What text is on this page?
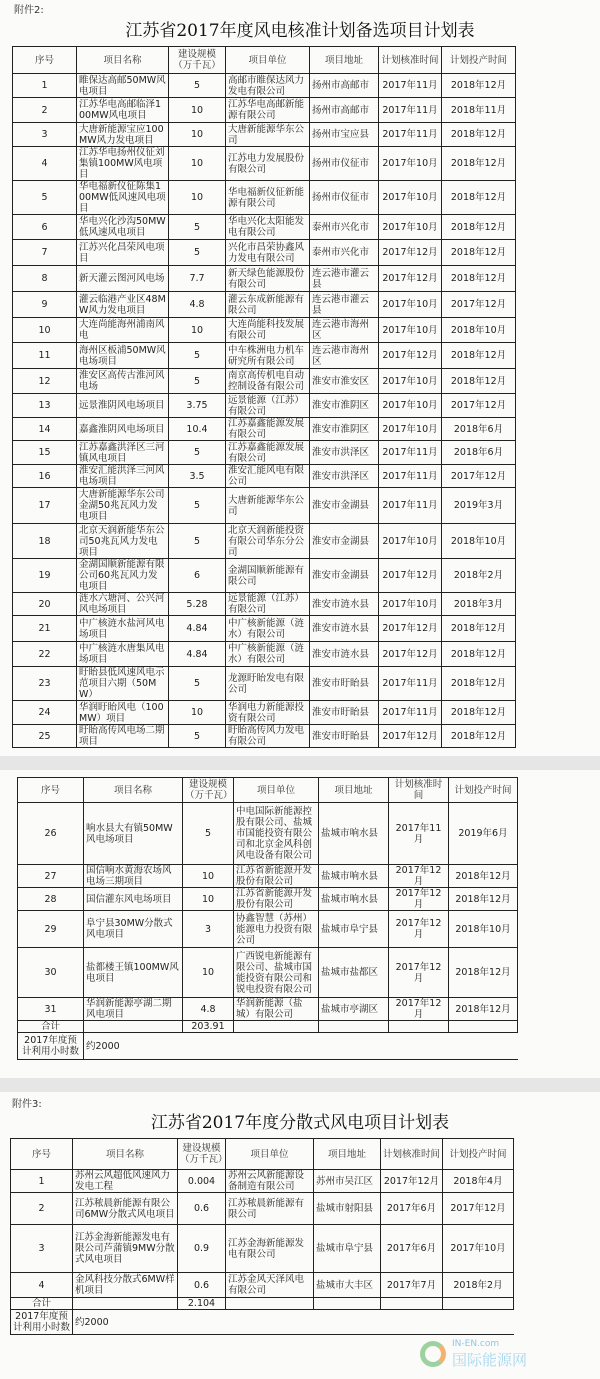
附件2:
江苏省2017年度风电核准计划备选项目计划表
序号	项目名称	建设规模（万千瓦）	项目单位	项目地址	计划核准时间	计划投产时间
1	睢保达高邮50MW风电项目	5	高邮市睢保达风力发电有限公司	扬州市高邮市	2017年11月	2018年12月
2	江苏华电高邮临泽100MW风电项目	10	江苏华电高邮新能源有限公司	扬州市高邮市	2017年11月	2018年11月
3	大唐新能源宝应100MW风力发电项目	10	大唐新能源华东公司	扬州市宝应县	2017年11月	2018年12月
4	江苏华电扬州仪征刘集镇100MW风电项目	10	江苏电力发展股份有限公司	扬州市仪征市	2017年10月	2018年12月
5	华电福新仪征陈集100MW低风速风电项目	10	华电福新仪征新能源有限公司	扬州市仪征市	2017年10月	2018年12月
6	华电兴化沙沟50MW低风速风电项目	5	华电兴化太阳能发电有限公司	泰州市兴化市	2017年10月	2018年12月
7	江苏兴化昌荣风电项目	5	兴化市昌荣协鑫风力发电有限公司	泰州市兴化市	2017年12月	2018年12月
8	新天灌云图河风电场	7.7	新天绿色能源股份有限公司	连云港市灌云县	2017年12月	2018年12月
9	灌云临港产业区48MW风力发电项目	4.8	灌云东成新能源有限公司	连云港市灌云县	2017年10月	2017年12月
10	大连尚能海州浦南风电	10	大连尚能科技发展有限公司	连云港市海州区	2017年10月	2018年10月
11	海州区板浦50MW风电场项目	5	中车株洲电力机车研究所有限公司	连云港市海州区	2017年12月	2018年12月
12	淮安区高传古淮河风电场	5	南京高传机电自动控制设备有限公司	淮安市淮安区	2017年10月	2018年12月
13	远景淮阴风电场项目	3.75	远景能源（江苏）有限公司	淮安市淮阴区	2017年10月	2017年12月
14	嘉鑫淮阴风电场项目	10.4	江苏嘉鑫能源发展有限公司	淮安市淮阴区	2017年10月	2018年6月
15	江苏嘉鑫洪泽区三河镇风电项目	5	江苏嘉鑫能源发展有限公司	淮安市洪泽区	2017年11月	2018年6月
16	淮安汇能洪泽三河风电场项目	3.5	淮安汇能风电有限公司	淮安市洪泽区	2017年11月	2017年12月
17	大唐新能源华东公司金湖50兆瓦风力发电项目	5	大唐新能源华东公司	淮安市金湖县	2017年11月	2019年3月
18	北京天润新能华东公司50兆瓦风力发电项目	5	北京天润新能投资有限公司华东分公司	淮安市金湖县	2017年10月	2018年10月
19	金湖国顺新能源有限公司60兆瓦风力发电项目	6	金湖国顺新能源有限公司	淮安市金湖县	2017年12月	2018年2月
20	涟水六塘河、公兴河风电场项目	5.28	远景能源（江苏）有限公司	淮安市涟水县	2017年10月	2018年3月
21	中广核涟水盐河风电场项目	4.84	中广核新能源（涟水）有限公司	淮安市涟水县	2017年12月	2018年12月
22	中广核涟水唐集风电场项目	4.84	中广核新能源（涟水）有限公司	淮安市涟水县	2017年12月	2018年12月
23	盱眙县低风速风电示范项目六期（50MW）	5	龙源盱眙发电有限公司	淮安市盱眙县	2017年11月	2018年12月
24	华润盱眙风电（100MW）项目	10	华润电力新能源投资有限公司	淮安市盱眙县	2017年11月	2018年12月
25	盱眙高传风电场二期项目	5	盱眙高传风力发电有限公司	淮安市盱眙县	2017年12月	2018年12月
序号	项目名称	建设规模（万千瓦）	项目单位	项目地址	计划核准时间	计划投产时间
26	响水县大有镇50MW风电场项目	5	中电国际新能源控股有限公司、盐城市国能投资有限公司和北京金风科创风电设备有限公司	盐城市响水县	2017年11月	2019年6月
27	国信响水黄海农场风电场三期项目	10	江苏省新能源开发股份有限公司	盐城市响水县	2017年12月	2018年12月
28	国信灌东风电场项目	10	江苏省新能源开发股份有限公司	盐城市响水县	2017年12月	2018年12月
29	阜宁县30MW分散式风电项目	3	协鑫智慧（苏州）能源电力投资有限公司	盐城市阜宁县	2017年12月	2018年10月
30	盐都楼王镇100MW风电项目	10	广西锐电新能源有限公司、盐城市国能投资有限公司和锐电投资有限公司	盐城市盐都区	2017年12月	2018年12月
31	华润新能源亭湖二期风电项目	4.8	华润新能源（盐城）有限公司	盐城市亭湖区	2017年12月	2018年12月
合计		203.91				
2017年度预计利用小时数	约2000					
附件3:
江苏省2017年度分散式风电项目计划表
序号	项目名称	建设规模（万千瓦）	项目单位	项目地址	计划核准时间	计划投产时间
1	苏州云风超低风速风力发电工程	0.004	苏州云风新能源设备制造有限公司	苏州市吴江区	2017年12月	2018年4月
2	江苏秾晨新能源有限公司6MW分散式风电项目	0.6	江苏秾晨新能源有限公司	盐城市射阳县	2017年6月	2017年12月
3	江苏金海新能源发电有限公司芦蒲镇9MW分散式风电项目	0.9	江苏金海新能源发电有限公司	盐城市阜宁县	2017年6月	2017年10月
4	金风科技分散式6MW样机项目	0.6	江苏金风天泽风电有限公司	盐城市大丰区	2017年7月	2018年2月
合计		2.104				
2017年度预计利用小时数	约2000					
IN-EN.com
国际能源网
